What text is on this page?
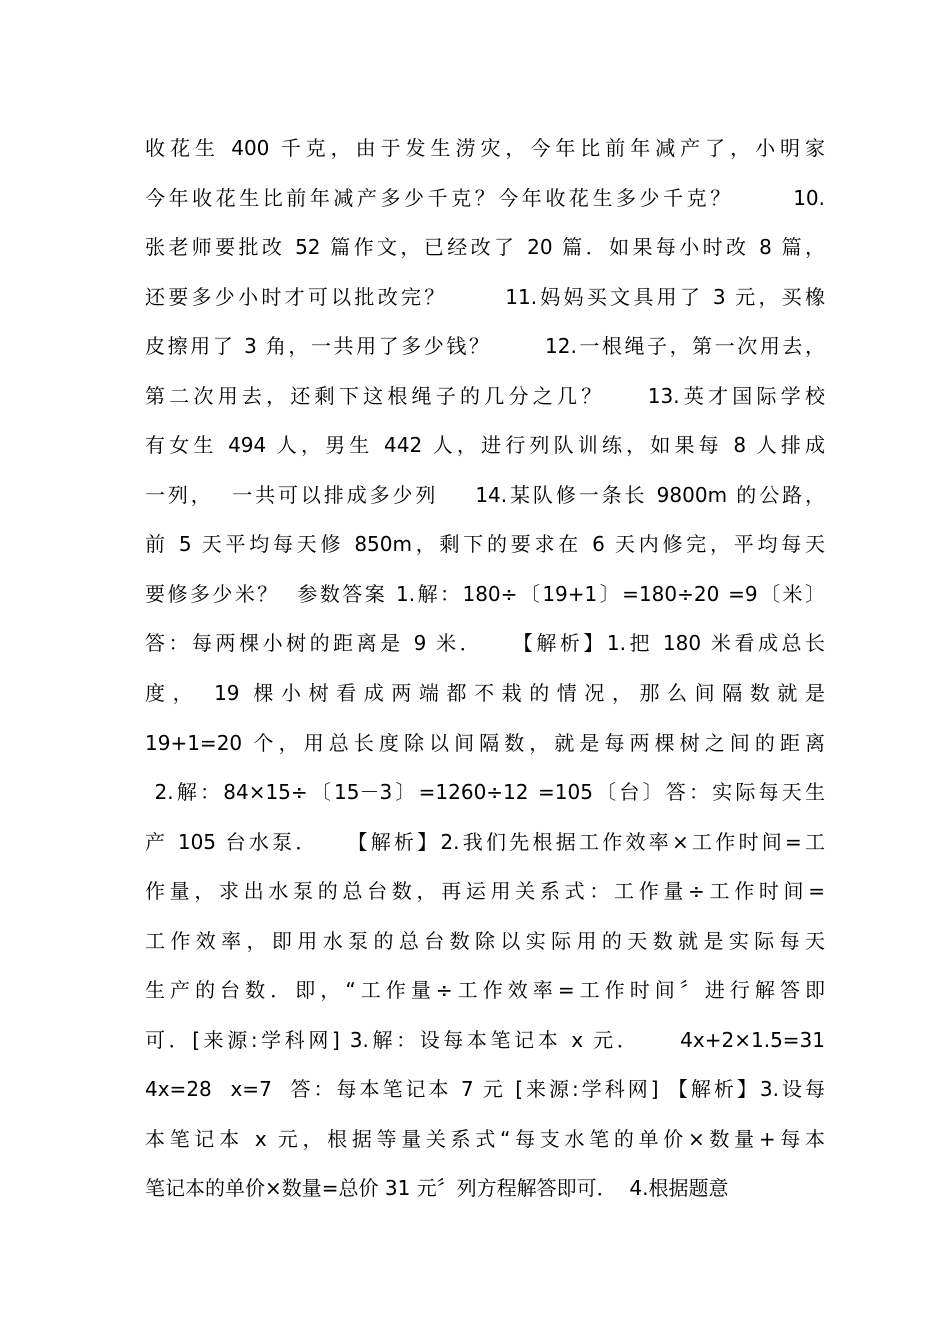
收花生 400 千克，由于发生涝灾，今年比前年减产了，小明家
今年收花生比前年减产多少千克？今年收花生多少千克？      10.
张老师要批改 52 篇作文，已经改了 20 篇．如果每小时改 8 篇，
还要多少小时才可以批改完？      11.妈妈买文具用了 3 元，买橡
皮擦用了 3 角，一共用了多少钱？      12.一根绳子，第一次用去，
第二次用去，还剩下这根绳子的几分之几？    13.英才国际学校
有女生 494 人，男生 442 人，进行列队训练，如果每 8 人排成
一列，  一共可以排成多少列    14.某队修一条长 9800m 的公路，
前 5 天平均每天修 850m，剩下的要求在 6 天内修完，平均每天
要修多少米？  参数答案 1.解：180÷〔19+1〕=180÷20 =9〔米〕
答：每两棵小树的距离是 9 米．   【解析】1.把 180 米看成总长
度， 19 棵小树看成两端都不栽的情况，那么间隔数就是
19+1=20 个，用总长度除以间隔数，就是每两棵树之间的距离
2.解：84×15÷〔15－3〕=1260÷12 =105〔台〕答：实际每天生
产 105 台水泵．   【解析】2.我们先根据工作效率×工作时间=工
作量，求出水泵的总台数，再运用关系式：工作量÷工作时间=
工作效率，即用水泵的总台数除以实际用的天数就是实际每天
生产的台数．即，“工作量÷工作效率=工作时间〞进行解答即
可．[来源:学科网] 3.解：设每本笔记本 x 元．    4x+2×1.5=31
4x=28  x=7  答：每本笔记本 7 元 [来源:学科网] 【解析】3.设每
本笔记本 x 元，根据等量关系式“每支水笔的单价×数量+每本
笔记本的单价×数量=总价 31 元〞列方程解答即可．  4.根据题意
